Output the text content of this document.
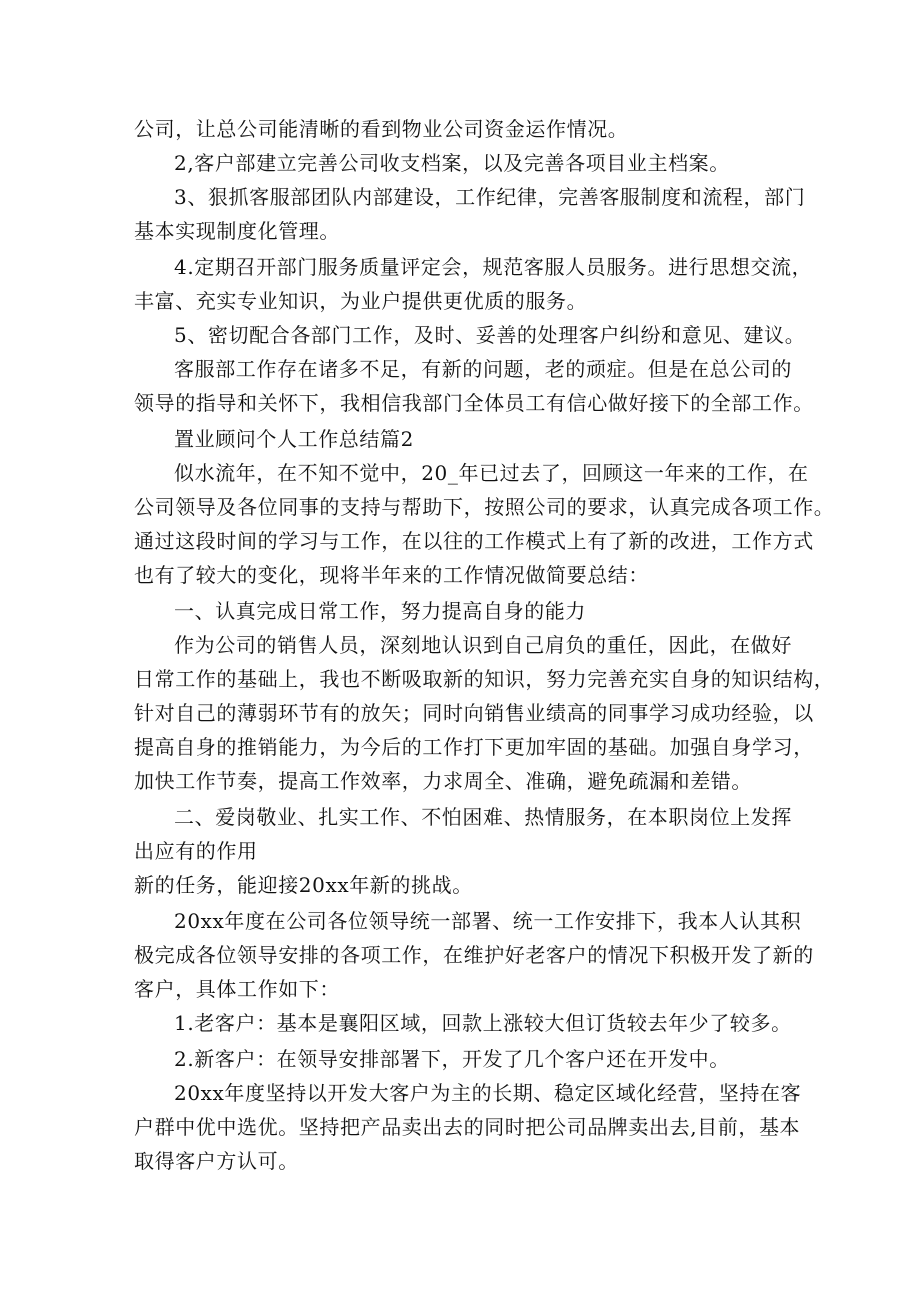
公司，让总公司能清晰的看到物业公司资金运作情况。
2,客户部建立完善公司收支档案，以及完善各项目业主档案。
3、狠抓客服部团队内部建设，工作纪律，完善客服制度和流程，部门
基本实现制度化管理。
4.定期召开部门服务质量评定会，规范客服人员服务。进行思想交流，
丰富、充实专业知识，为业户提供更优质的服务。
5、密切配合各部门工作，及时、妥善的处理客户纠纷和意见、建议。
客服部工作存在诸多不足，有新的问题，老的顽症。但是在总公司的
领导的指导和关怀下，我相信我部门全体员工有信心做好接下的全部工作。
置业顾问个人工作总结篇2
似水流年，在不知不觉中，20_年已过去了，回顾这一年来的工作，在
公司领导及各位同事的支持与帮助下，按照公司的要求，认真完成各项工作。
通过这段时间的学习与工作，在以往的工作模式上有了新的改进，工作方式
也有了较大的变化，现将半年来的工作情况做简要总结：
一、认真完成日常工作，努力提高自身的能力
作为公司的销售人员，深刻地认识到自己肩负的重任，因此，在做好
日常工作的基础上，我也不断吸取新的知识，努力完善充实自身的知识结构，
针对自己的薄弱环节有的放矢；同时向销售业绩高的同事学习成功经验，以
提高自身的推销能力，为今后的工作打下更加牢固的基础。加强自身学习，
加快工作节奏，提高工作效率，力求周全、准确，避免疏漏和差错。
二、爱岗敬业、扎实工作、不怕困难、热情服务，在本职岗位上发挥
出应有的作用
新的任务，能迎接20xx年新的挑战。
20xx年度在公司各位领导统一部署、统一工作安排下，我本人认其积
极完成各位领导安排的各项工作，在维护好老客户的情况下积极开发了新的
客户，具体工作如下：
1.老客户：基本是襄阳区域，回款上涨较大但订货较去年少了较多。
2.新客户：在领导安排部署下，开发了几个客户还在开发中。
20xx年度坚持以开发大客户为主的长期、稳定区域化经营，坚持在客
户群中优中选优。坚持把产品卖出去的同时把公司品牌卖出去,目前，基本
取得客户方认可。
